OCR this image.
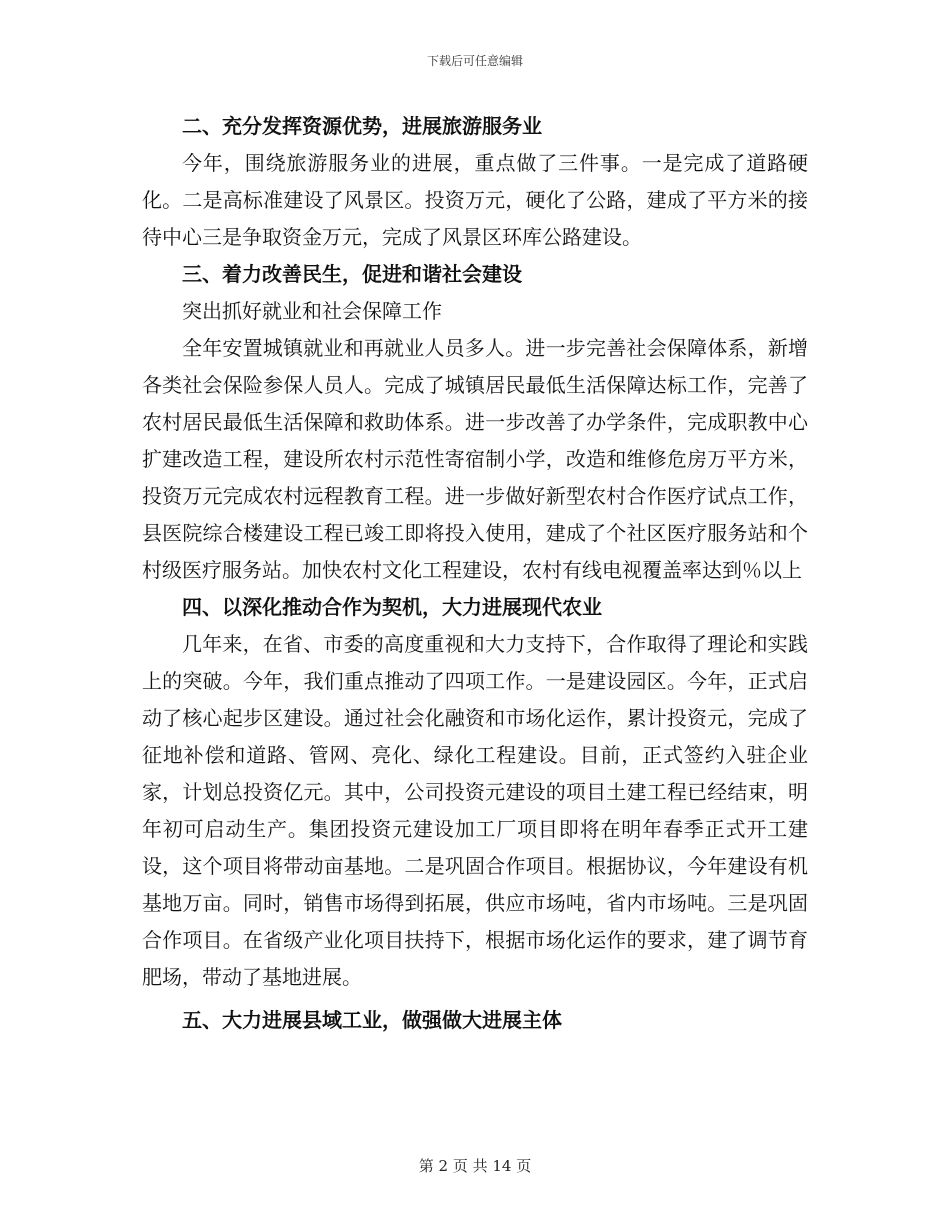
下载后可任意编辑
二、充分发挥资源优势，进展旅游服务业

今年，围绕旅游服务业的进展，重点做了三件事。一是完成了道路硬化。二是高标准建设了风景区。投资万元，硬化了公路，建成了平方米的接待中心三是争取资金万元，完成了风景区环库公路建设。

三、着力改善民生，促进和谐社会建设

突出抓好就业和社会保障工作

全年安置城镇就业和再就业人员多人。进一步完善社会保障体系，新增各类社会保险参保人员人。完成了城镇居民最低生活保障达标工作，完善了农村居民最低生活保障和救助体系。进一步改善了办学条件，完成职教中心扩建改造工程，建设所农村示范性寄宿制小学，改造和维修危房万平方米，投资万元完成农村远程教育工程。进一步做好新型农村合作医疗试点工作，县医院综合楼建设工程已竣工即将投入使用，建成了个社区医疗服务站和个村级医疗服务站。加快农村文化工程建设，农村有线电视覆盖率达到％以上

四、以深化推动合作为契机，大力进展现代农业

几年来，在省、市委的高度重视和大力支持下，合作取得了理论和实践上的突破。今年，我们重点推动了四项工作。一是建设园区。今年，正式启动了核心起步区建设。通过社会化融资和市场化运作，累计投资元，完成了征地补偿和道路、管网、亮化、绿化工程建设。目前，正式签约入驻企业家，计划总投资亿元。其中，公司投资元建设的项目土建工程已经结束，明年初可启动生产。集团投资元建设加工厂项目即将在明年春季正式开工建设，这个项目将带动亩基地。二是巩固合作项目。根据协议，今年建设有机基地万亩。同时，销售市场得到拓展，供应市场吨，省内市场吨。三是巩固合作项目。在省级产业化项目扶持下，根据市场化运作的要求，建了调节育肥场，带动了基地进展。

五、大力进展县域工业，做强做大进展主体
第 2 页 共 14 页
